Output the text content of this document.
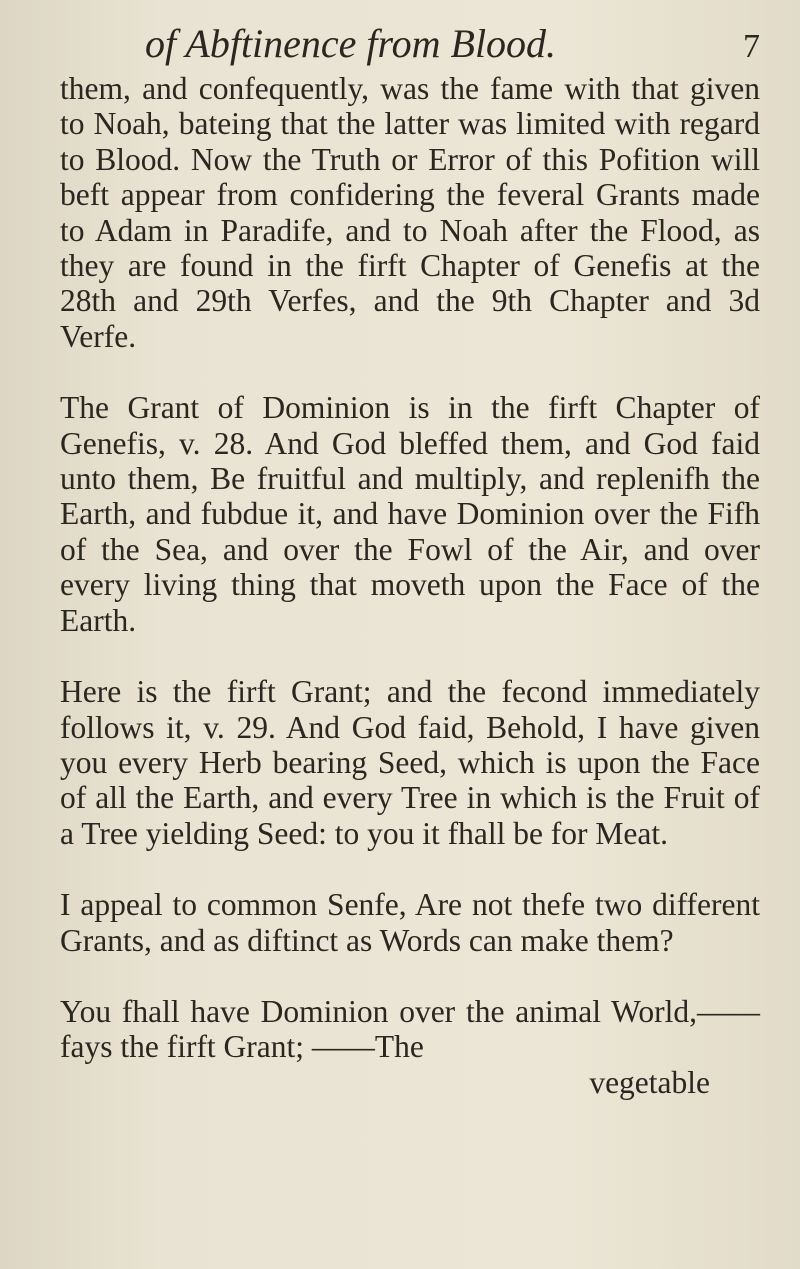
of Abftinence from Blood.	7

them, and confequently, was the fame with that given to Noah, bateing that the latter was limited with regard to Blood. Now the Truth or Error of this Pofition will beft appear from confidering the feveral Grants made to Adam in Paradife, and to Noah after the Flood, as they are found in the firft Chapter of Genefis at the 28th and 29th Verfes, and the 9th Chapter and 3d Verfe.

The Grant of Dominion is in the firft Chapter of Genefis, v. 28. And God bleffed them, and God faid unto them, Be fruitful and multiply, and replenifh the Earth, and fubdue it, and have Dominion over the Fifh of the Sea, and over the Fowl of the Air, and over every living thing that moveth upon the Face of the Earth.

Here is the firft Grant; and the fecond immediately follows it, v. 29. And God faid, Behold, I have given you every Herb bearing Seed, which is upon the Face of all the Earth, and every Tree in which is the Fruit of a Tree yielding Seed: to you it fhall be for Meat.

I appeal to common Senfe, Are not thefe two different Grants, and as diftinct as Words can make them?

You fhall have Dominion over the animal World,——fays the firft Grant; ——The

vegetable
